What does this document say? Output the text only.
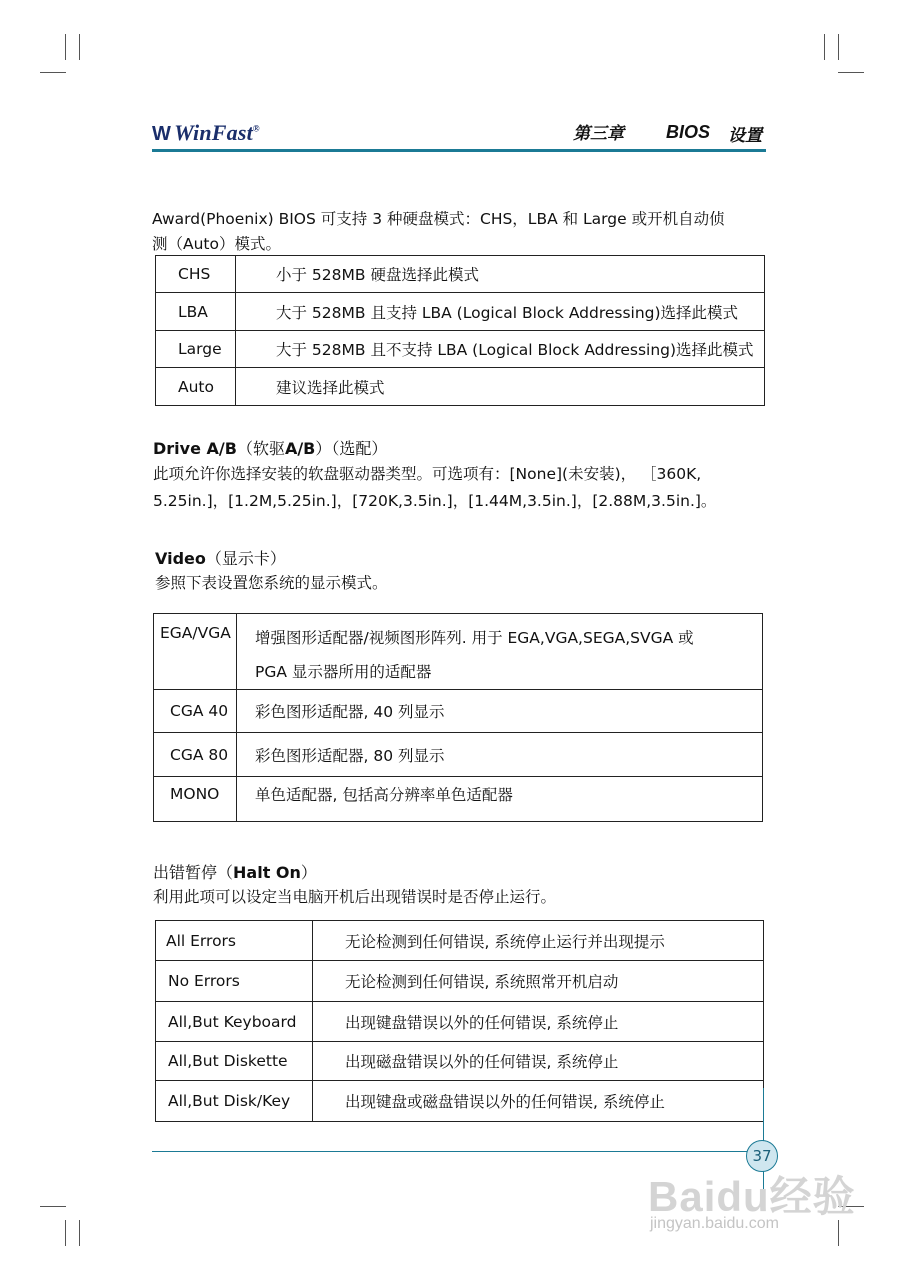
W WinFast®	第三章 BIOS 设置
Award(Phoenix) BIOS 可支持 3 种硬盘模式：CHS，LBA 和 Large 或开机自动侦
测（Auto）模式。
CHS	小于 528MB 硬盘选择此模式
LBA	大于 528MB 且支持 LBA (Logical Block Addressing)选择此模式
Large	大于 528MB 且不支持 LBA (Logical Block Addressing)选择此模式
Auto	建议选择此模式
Drive A/B（软驱A/B）（选配）
此项允许你选择安装的软盘驱动器类型。可选项有：[None](未安装)， ［360K,
5.25in.]，[1.2M,5.25in.]，[720K,3.5in.]，[1.44M,3.5in.]，[2.88M,3.5in.]。
Video（显示卡）
参照下表设置您系统的显示模式。
EGA/VGA	增强图形适配器/视频图形阵列. 用于 EGA,VGA,SEGA,SVGA 或
PGA 显示器所用的适配器

CGA 40	彩色图形适配器, 40 列显示
CGA 80	彩色图形适配器, 80 列显示
MONO	单色适配器, 包括高分辨率单色适配器
出错暂停（Halt On）
利用此项可以设定当电脑开机后出现错误时是否停止运行。
All Errors	无论检测到任何错误, 系统停止运行并出现提示
No Errors	无论检测到任何错误, 系统照常开机启动
All,But Keyboard	出现键盘错误以外的任何错误, 系统停止
All,But Diskette	出现磁盘错误以外的任何错误, 系统停止
All,But Disk/Key	出现键盘或磁盘错误以外的任何错误, 系统停止
37
Baidu经验
jingyan.baidu.com
